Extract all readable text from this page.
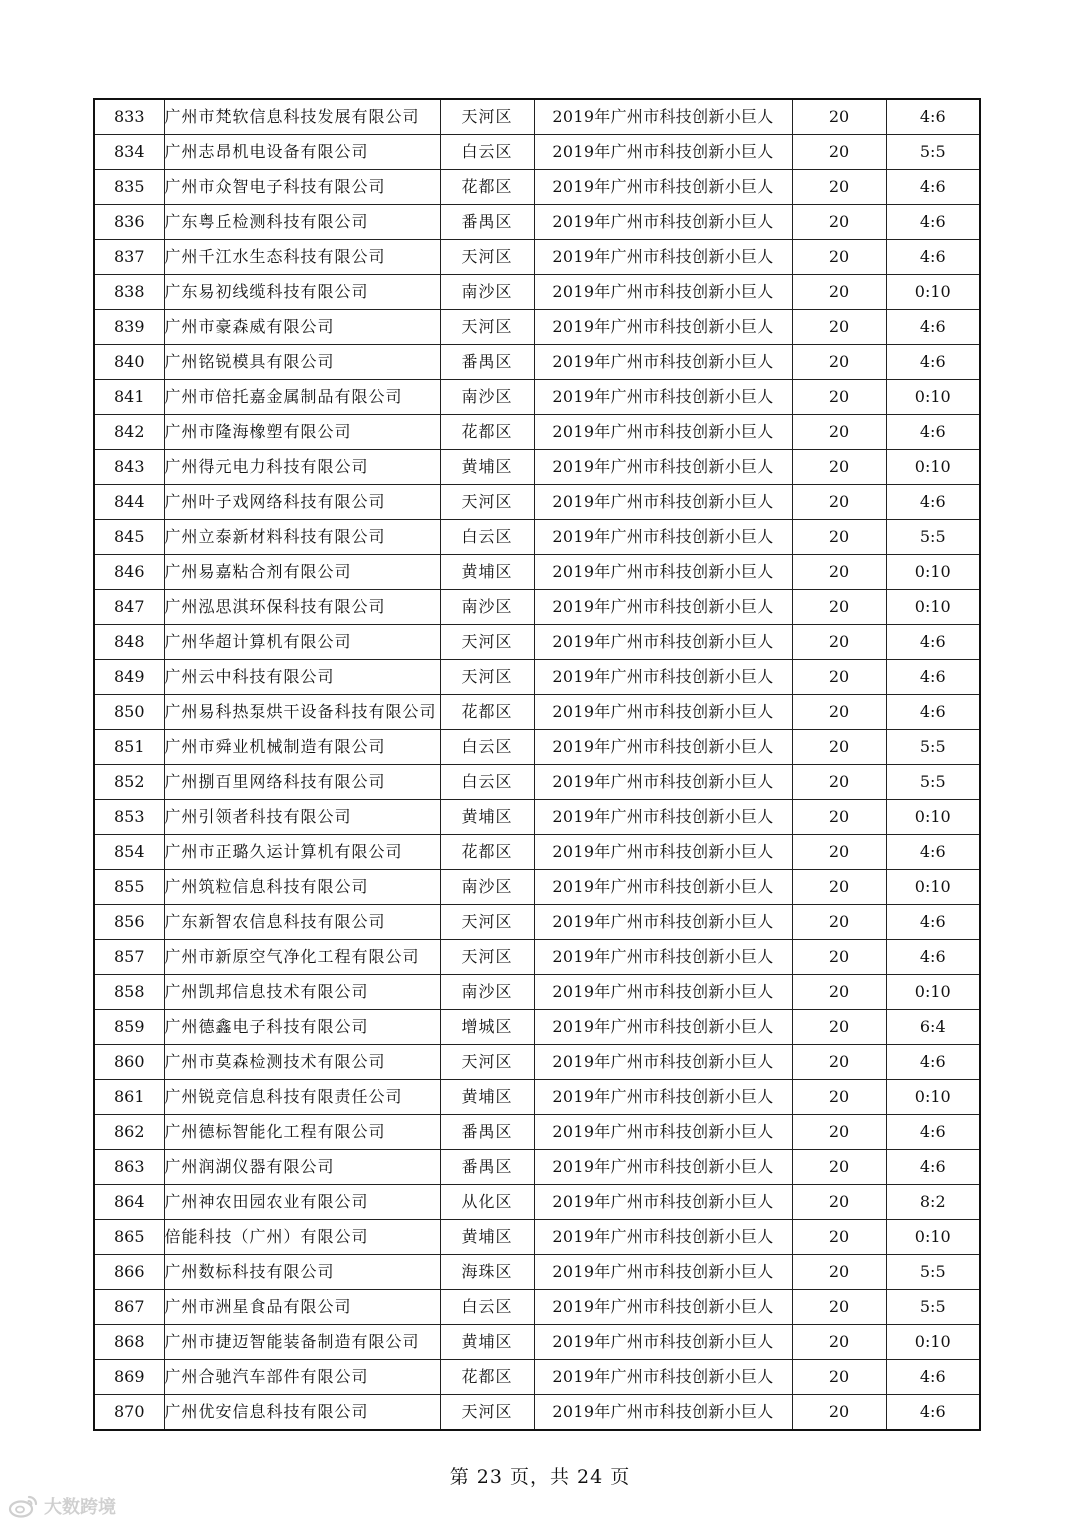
833	广州市梵软信息科技发展有限公司	天河区	2019年广州市科技创新小巨人	20	4:6
834	广州志昂机电设备有限公司	白云区	2019年广州市科技创新小巨人	20	5:5
835	广州市众智电子科技有限公司	花都区	2019年广州市科技创新小巨人	20	4:6
836	广东粤丘检测科技有限公司	番禺区	2019年广州市科技创新小巨人	20	4:6
837	广州千江水生态科技有限公司	天河区	2019年广州市科技创新小巨人	20	4:6
838	广东易初线缆科技有限公司	南沙区	2019年广州市科技创新小巨人	20	0:10
839	广州市豪森威有限公司	天河区	2019年广州市科技创新小巨人	20	4:6
840	广州铭锐模具有限公司	番禺区	2019年广州市科技创新小巨人	20	4:6
841	广州市倍托嘉金属制品有限公司	南沙区	2019年广州市科技创新小巨人	20	0:10
842	广州市隆海橡塑有限公司	花都区	2019年广州市科技创新小巨人	20	4:6
843	广州得元电力科技有限公司	黄埔区	2019年广州市科技创新小巨人	20	0:10
844	广州叶子戏网络科技有限公司	天河区	2019年广州市科技创新小巨人	20	4:6
845	广州立泰新材料科技有限公司	白云区	2019年广州市科技创新小巨人	20	5:5
846	广州易嘉粘合剂有限公司	黄埔区	2019年广州市科技创新小巨人	20	0:10
847	广州泓思淇环保科技有限公司	南沙区	2019年广州市科技创新小巨人	20	0:10
848	广州华超计算机有限公司	天河区	2019年广州市科技创新小巨人	20	4:6
849	广州云中科技有限公司	天河区	2019年广州市科技创新小巨人	20	4:6
850	广州易科热泵烘干设备科技有限公司	花都区	2019年广州市科技创新小巨人	20	4:6
851	广州市舜业机械制造有限公司	白云区	2019年广州市科技创新小巨人	20	5:5
852	广州捌百里网络科技有限公司	白云区	2019年广州市科技创新小巨人	20	5:5
853	广州引领者科技有限公司	黄埔区	2019年广州市科技创新小巨人	20	0:10
854	广州市正璐久运计算机有限公司	花都区	2019年广州市科技创新小巨人	20	4:6
855	广州筑粒信息科技有限公司	南沙区	2019年广州市科技创新小巨人	20	0:10
856	广东新智农信息科技有限公司	天河区	2019年广州市科技创新小巨人	20	4:6
857	广州市新原空气净化工程有限公司	天河区	2019年广州市科技创新小巨人	20	4:6
858	广州凯邦信息技术有限公司	南沙区	2019年广州市科技创新小巨人	20	0:10
859	广州德鑫电子科技有限公司	增城区	2019年广州市科技创新小巨人	20	6:4
860	广州市莫森检测技术有限公司	天河区	2019年广州市科技创新小巨人	20	4:6
861	广州锐竞信息科技有限责任公司	黄埔区	2019年广州市科技创新小巨人	20	0:10
862	广州德标智能化工程有限公司	番禺区	2019年广州市科技创新小巨人	20	4:6
863	广州润湖仪器有限公司	番禺区	2019年广州市科技创新小巨人	20	4:6
864	广州神农田园农业有限公司	从化区	2019年广州市科技创新小巨人	20	8:2
865	倍能科技（广州）有限公司	黄埔区	2019年广州市科技创新小巨人	20	0:10
866	广州数标科技有限公司	海珠区	2019年广州市科技创新小巨人	20	5:5
867	广州市洲星食品有限公司	白云区	2019年广州市科技创新小巨人	20	5:5
868	广州市捷迈智能装备制造有限公司	黄埔区	2019年广州市科技创新小巨人	20	0:10
869	广州合驰汽车部件有限公司	花都区	2019年广州市科技创新小巨人	20	4:6
870	广州优安信息科技有限公司	天河区	2019年广州市科技创新小巨人	20	4:6
第 23 页，共 24 页
大数跨境
